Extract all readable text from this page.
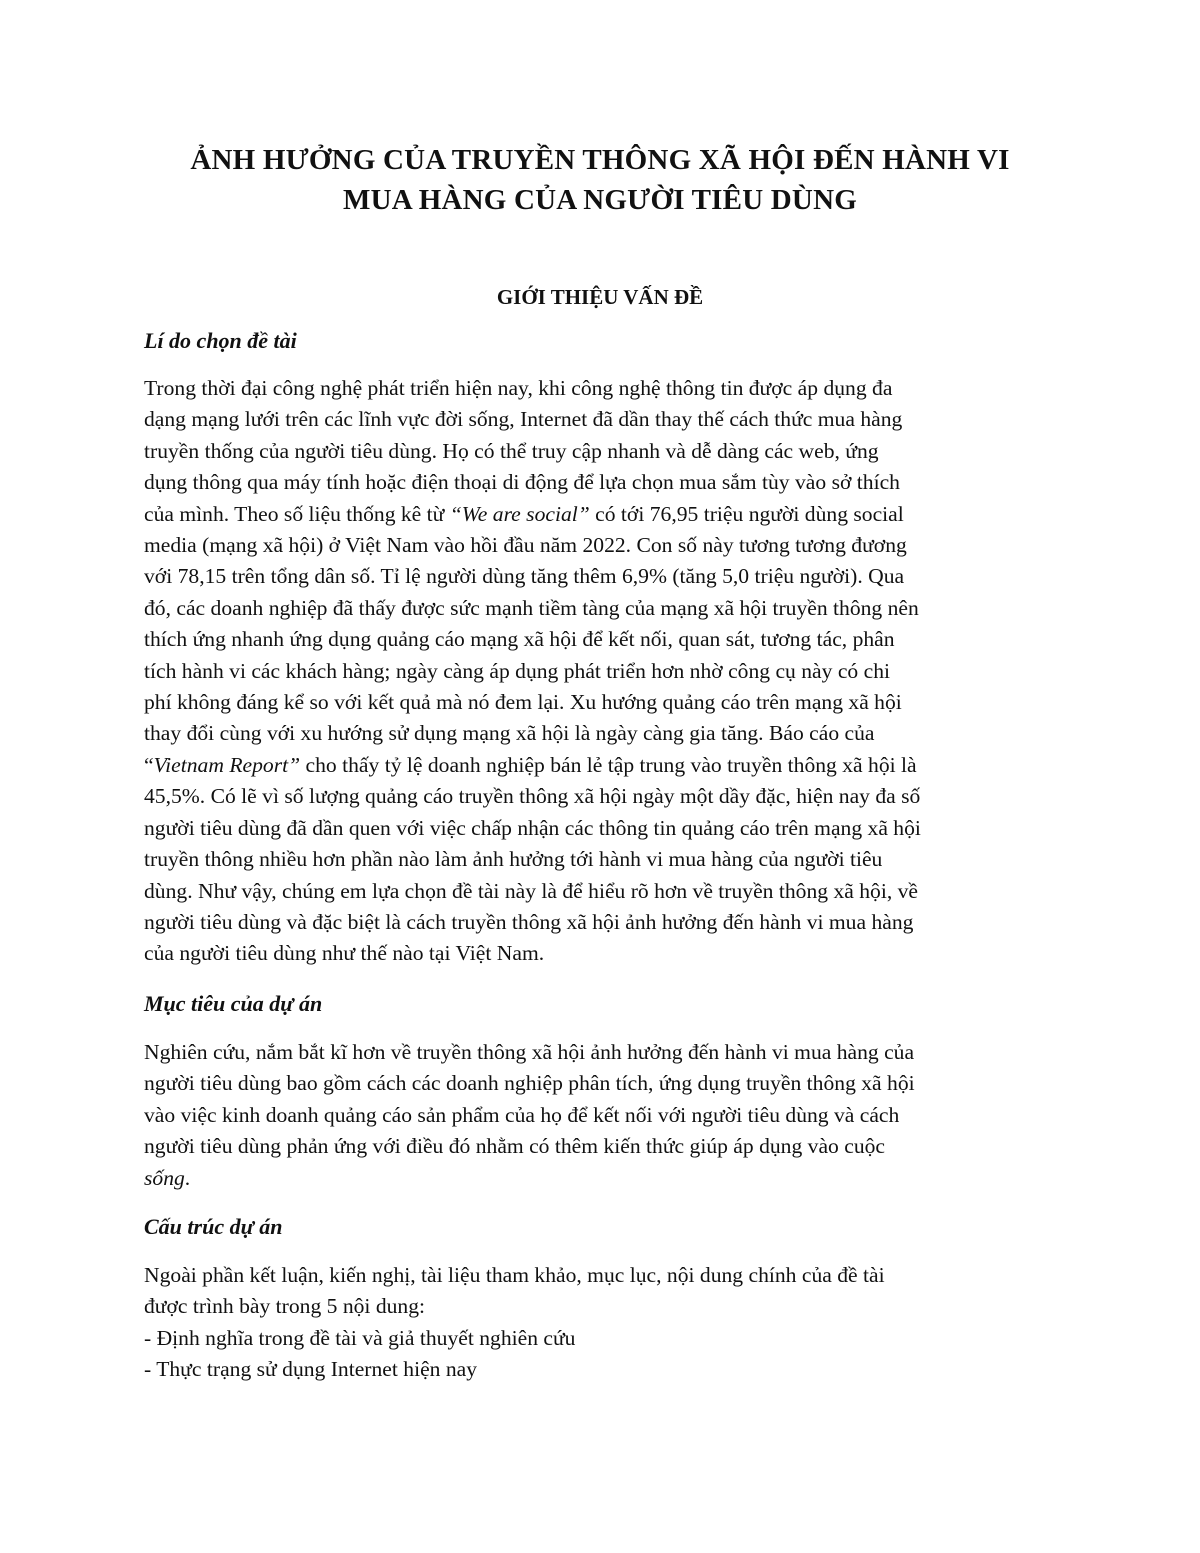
ẢNH HƯỞNG CỦA TRUYỀN THÔNG XÃ HỘI ĐẾN HÀNH VI
MUA HÀNG CỦA NGƯỜI TIÊU DÙNG
GIỚI THIỆU VẤN ĐỀ
Lí do chọn đề tài
Trong thời đại công nghệ phát triển hiện nay, khi công nghệ thông tin được áp dụng đa
dạng mạng lưới trên các lĩnh vực đời sống, Internet đã dần thay thế cách thức mua hàng
truyền thống của người tiêu dùng. Họ có thể truy cập nhanh và dễ dàng các web, ứng
dụng thông qua máy tính hoặc điện thoại di động để lựa chọn mua sắm tùy vào sở thích
của mình. Theo số liệu thống kê từ “We are social” có tới 76,95 triệu người dùng social
media (mạng xã hội) ở Việt Nam vào hồi đầu năm 2022. Con số này tương tương đương
với 78,15 trên tổng dân số. Tỉ lệ người dùng tăng thêm 6,9% (tăng 5,0 triệu người). Qua
đó, các doanh nghiệp đã thấy được sức mạnh tiềm tàng của mạng xã hội truyền thông nên
thích ứng nhanh ứng dụng quảng cáo mạng xã hội để kết nối, quan sát, tương tác, phân
tích hành vi các khách hàng; ngày càng áp dụng phát triển hơn nhờ công cụ này có chi
phí không đáng kể so với kết quả mà nó đem lại. Xu hướng quảng cáo trên mạng xã hội
thay đổi cùng với xu hướng sử dụng mạng xã hội là ngày càng gia tăng. Báo cáo của
“Vietnam Report” cho thấy tỷ lệ doanh nghiệp bán lẻ tập trung vào truyền thông xã hội là
45,5%. Có lẽ vì số lượng quảng cáo truyền thông xã hội ngày một dầy đặc, hiện nay đa số
người tiêu dùng đã dần quen với việc chấp nhận các thông tin quảng cáo trên mạng xã hội
truyền thông nhiều hơn phần nào làm ảnh hưởng tới hành vi mua hàng của người tiêu
dùng. Như vậy, chúng em lựa chọn đề tài này là để hiểu rõ hơn về truyền thông xã hội, về
người tiêu dùng và đặc biệt là cách truyền thông xã hội ảnh hưởng đến hành vi mua hàng
của người tiêu dùng như thế nào tại Việt Nam.
Mục tiêu của dự án
Nghiên cứu, nắm bắt kĩ hơn về truyền thông xã hội ảnh hưởng đến hành vi mua hàng của
người tiêu dùng bao gồm cách các doanh nghiệp phân tích, ứng dụng truyền thông xã hội
vào việc kinh doanh quảng cáo sản phẩm của họ để kết nối với người tiêu dùng và cách
người tiêu dùng phản ứng với điều đó nhằm có thêm kiến thức giúp áp dụng vào cuộc
sống.
Cấu trúc dự án
Ngoài phần kết luận, kiến nghị, tài liệu tham khảo, mục lục, nội dung chính của đề tài
được trình bày trong 5 nội dung:
- Định nghĩa trong đề tài và giả thuyết nghiên cứu
- Thực trạng sử dụng Internet hiện nay
